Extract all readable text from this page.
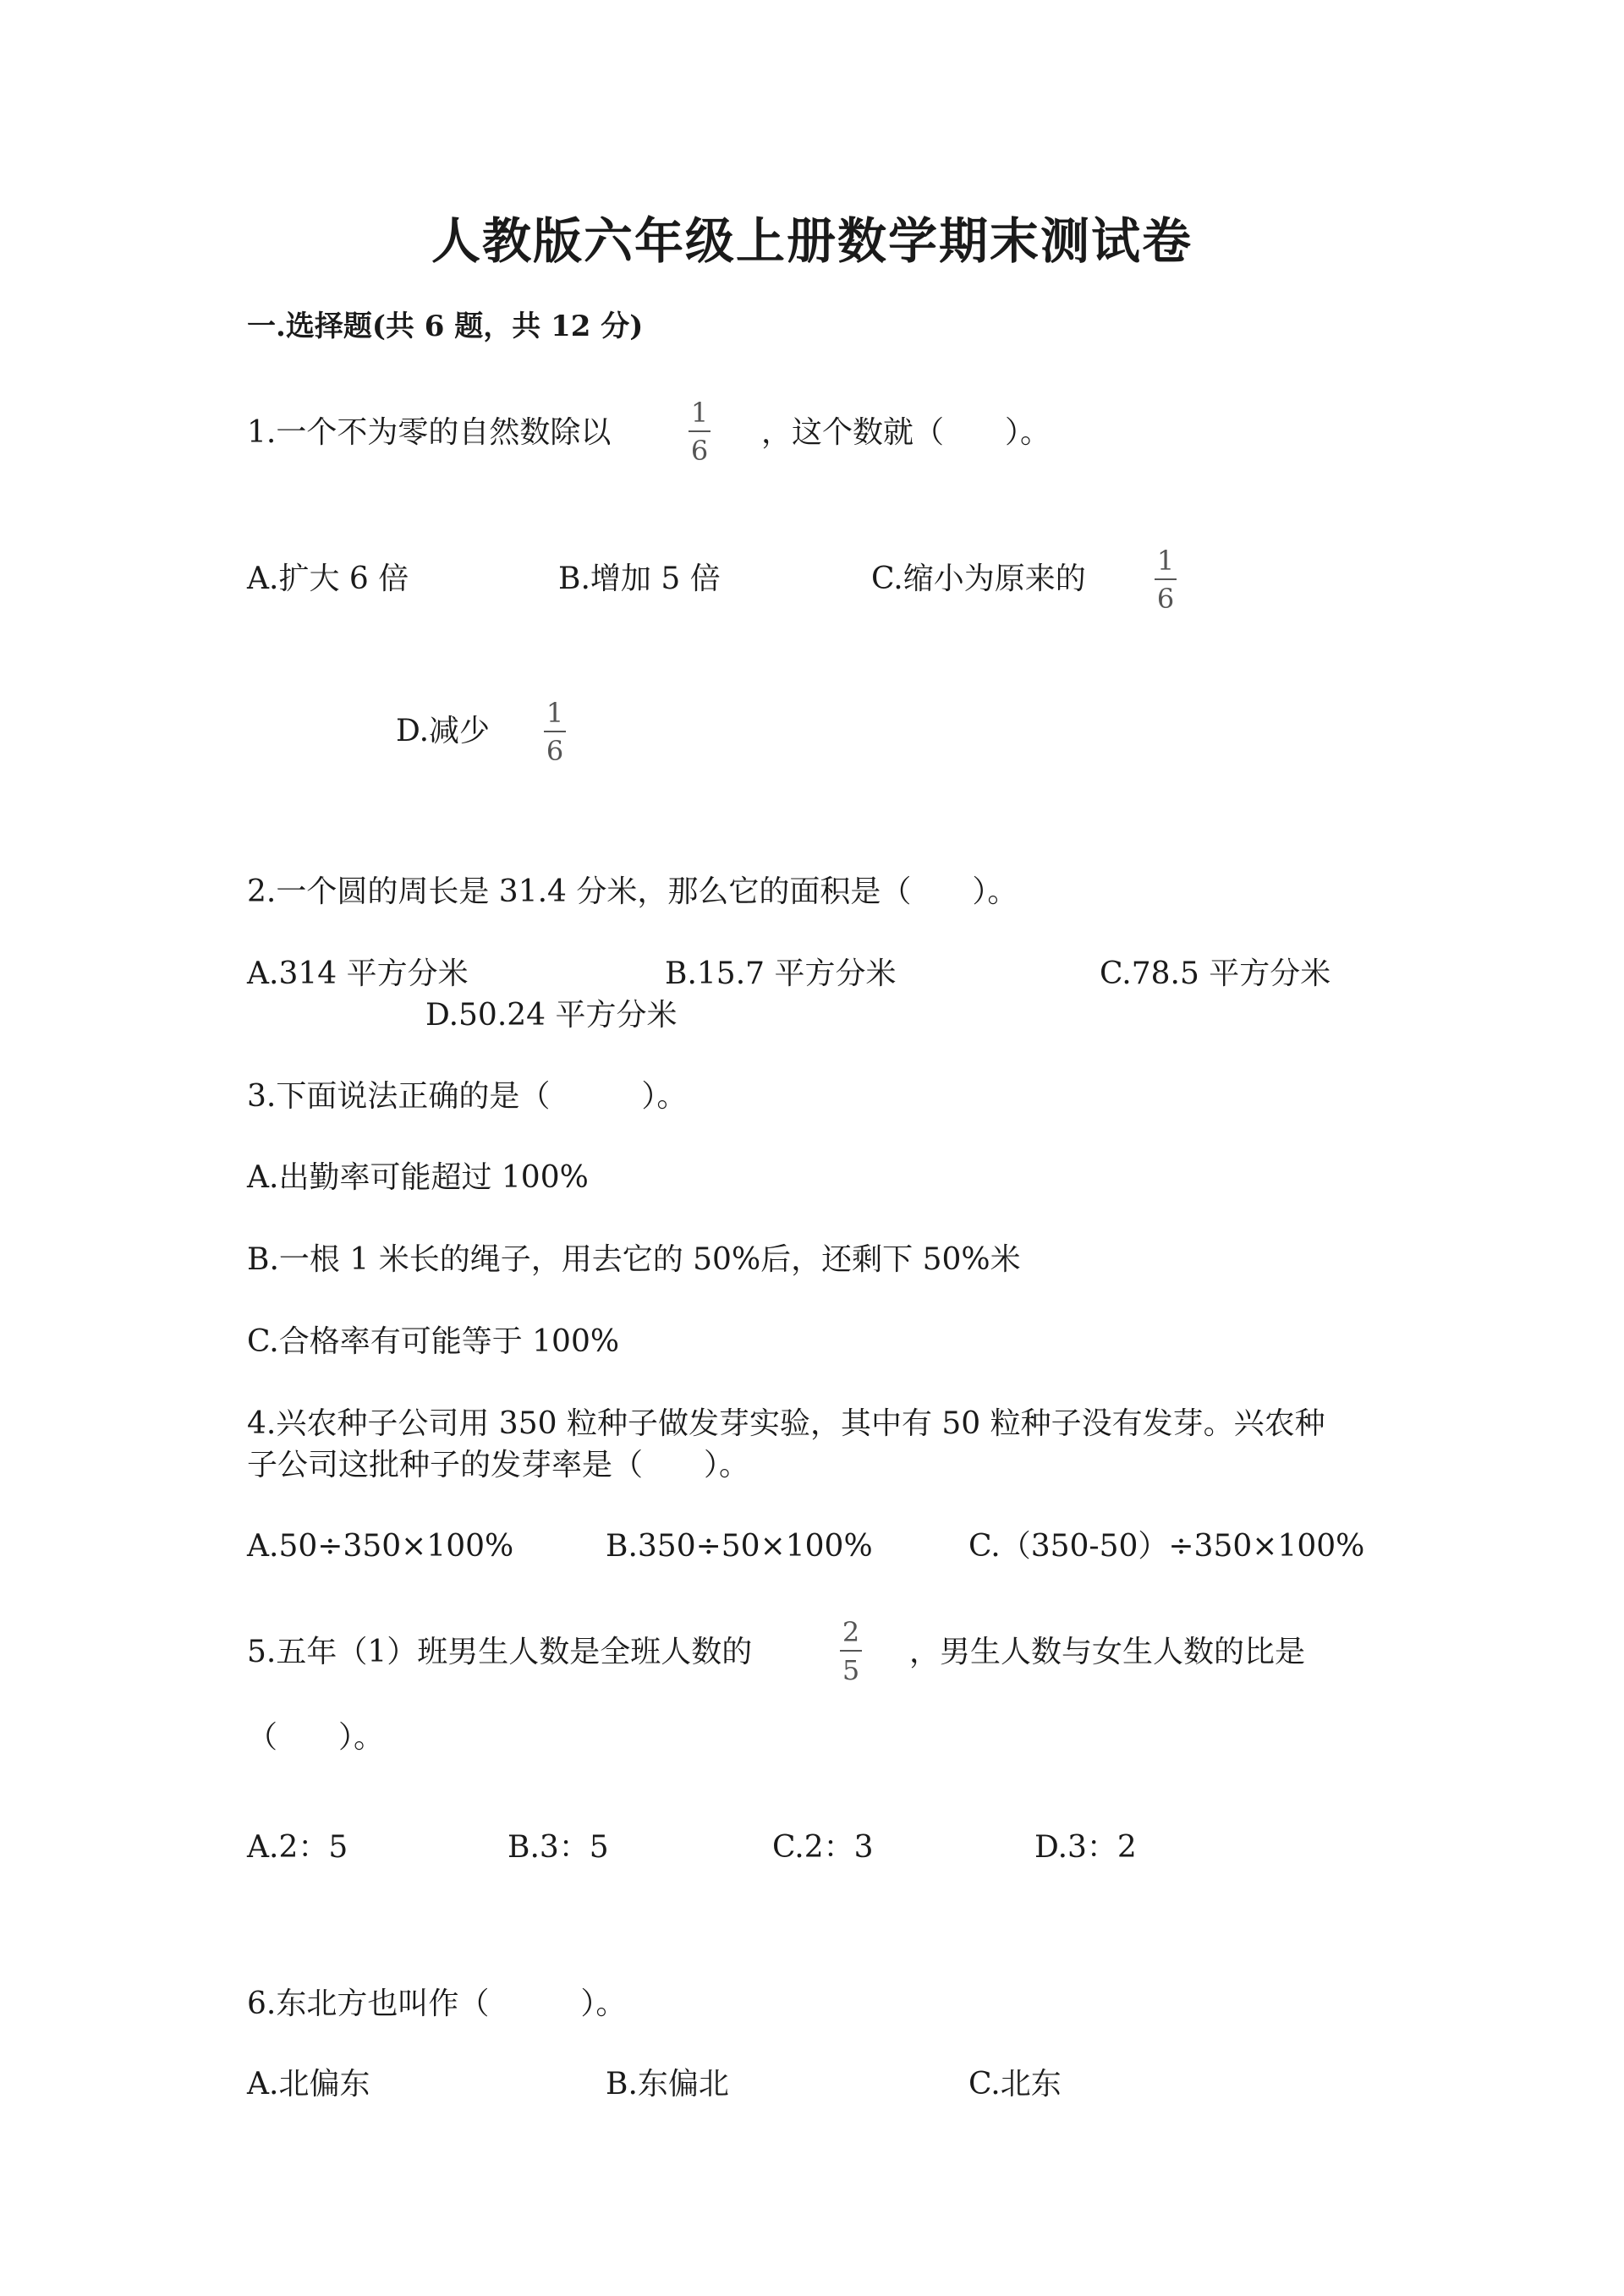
人教版六年级上册数学期末测试卷
一.选择题(共 6 题，共 12 分)
1.一个不为零的自然数除以
1
6
，这个数就（　　）。
A.扩大 6 倍	B.增加 5 倍	C.缩小为原来的
1
6
D.减少
1
6
2.一个圆的周长是 31.4 分米，那么它的面积是（　　）。
A.314 平方分米	B.15.7 平方分米	C.78.5 平方分米
D.50.24 平方分米
3.下面说法正确的是（　　　）。
A.出勤率可能超过 100%
B.一根 1 米长的绳子，用去它的 50%后，还剩下 50%米
C.合格率有可能等于 100%
4.兴农种子公司用 350 粒种子做发芽实验，其中有 50 粒种子没有发芽。兴农种
子公司这批种子的发芽率是（　　）。
A.50÷350×100%	B.350÷50×100%	C.（350-50）÷350×100%
5.五年（1）班男生人数是全班人数的
2
5
，男生人数与女生人数的比是
（　　）。
A.2：5	B.3：5	C.2：3	D.3：2
6.东北方也叫作（　　　）。
A.北偏东	B.东偏北	C.北东
